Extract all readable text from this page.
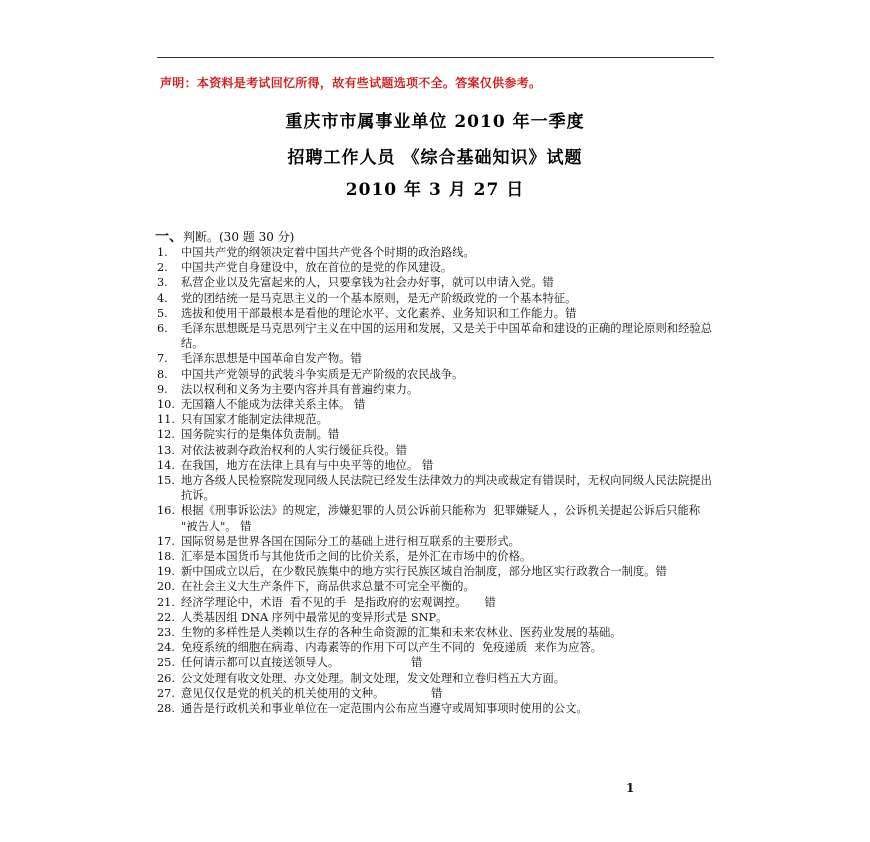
声明：本资料是考试回忆所得，故有些试题选项不全。答案仅供参考。
重庆市市属事业单位 2010 年一季度
招聘工作人员 《综合基础知识》试题
2010 年 3 月 27 日
一、判断。(30 题 30 分)
1.	中国共产党的纲领决定着中国共产党各个时期的政治路线。
2.	中国共产党自身建设中，放在首位的是党的作风建设。
3.	私营企业以及先富起来的人，只要拿钱为社会办好事，就可以申请入党。错
4.	党的团结统一是马克思主义的一个基本原则，是无产阶级政党的一个基本特征。
5.	选拔和使用干部最根本是看他的理论水平、文化素养、业务知识和工作能力。错
6.	毛泽东思想既是马克思列宁主义在中国的运用和发展，又是关于中国革命和建设的正确的理论原则和经验总结。
7.	毛泽东思想是中国革命自发产物。错
8.	中国共产党领导的武装斗争实质是无产阶级的农民战争。
9.	法以权利和义务为主要内容并具有普遍约束力。
10. 无国籍人不能成为法律关系主体。 错
11. 只有国家才能制定法律规范。
12. 国务院实行的是集体负责制。错
13. 对依法被剥夺政治权利的人实行缓征兵役。错
14. 在我国，地方在法律上具有与中央平等的地位。 错
15. 地方各级人民检察院发现同级人民法院已经发生法律效力的判决或裁定有错误时，无权向同级人民法院提出抗诉。
16. 根据《刑事诉讼法》的规定，涉嫌犯罪的人员公诉前只能称为  犯罪嫌疑人 ，公诉机关提起公诉后只能称 "被告人"。 错
17. 国际贸易是世界各国在国际分工的基础上进行相互联系的主要形式。
18. 汇率是本国货币与其他货币之间的比价关系，是外汇在市场中的价格。
19. 新中国成立以后，在少数民族集中的地方实行民族区域自治制度，部分地区实行政教合一制度。错
20. 在社会主义大生产条件下，商品供求总量不可完全平衡的。
21. 经济学理论中，术语  看不见的手  是指政府的宏观调控。     错
22. 人类基因组 DNA 序列中最常见的变异形式是 SNP。
23. 生物的多样性是人类赖以生存的各种生命资源的汇集和未来农林业、医药业发展的基础。
24. 免疫系统的细胞在病毒、内毒素等的作用下可以产生不同的  免疫递质  来作为应答。
25. 任何请示都可以直接送领导人。                    错
26. 公文处理有收文处理、办文处理。制文处理，发文处理和立卷归档五大方面。
27. 意见仅仅是党的机关的机关使用的文种。             错
28. 通告是行政机关和事业单位在一定范围内公布应当遵守或周知事项时使用的公文。
1
